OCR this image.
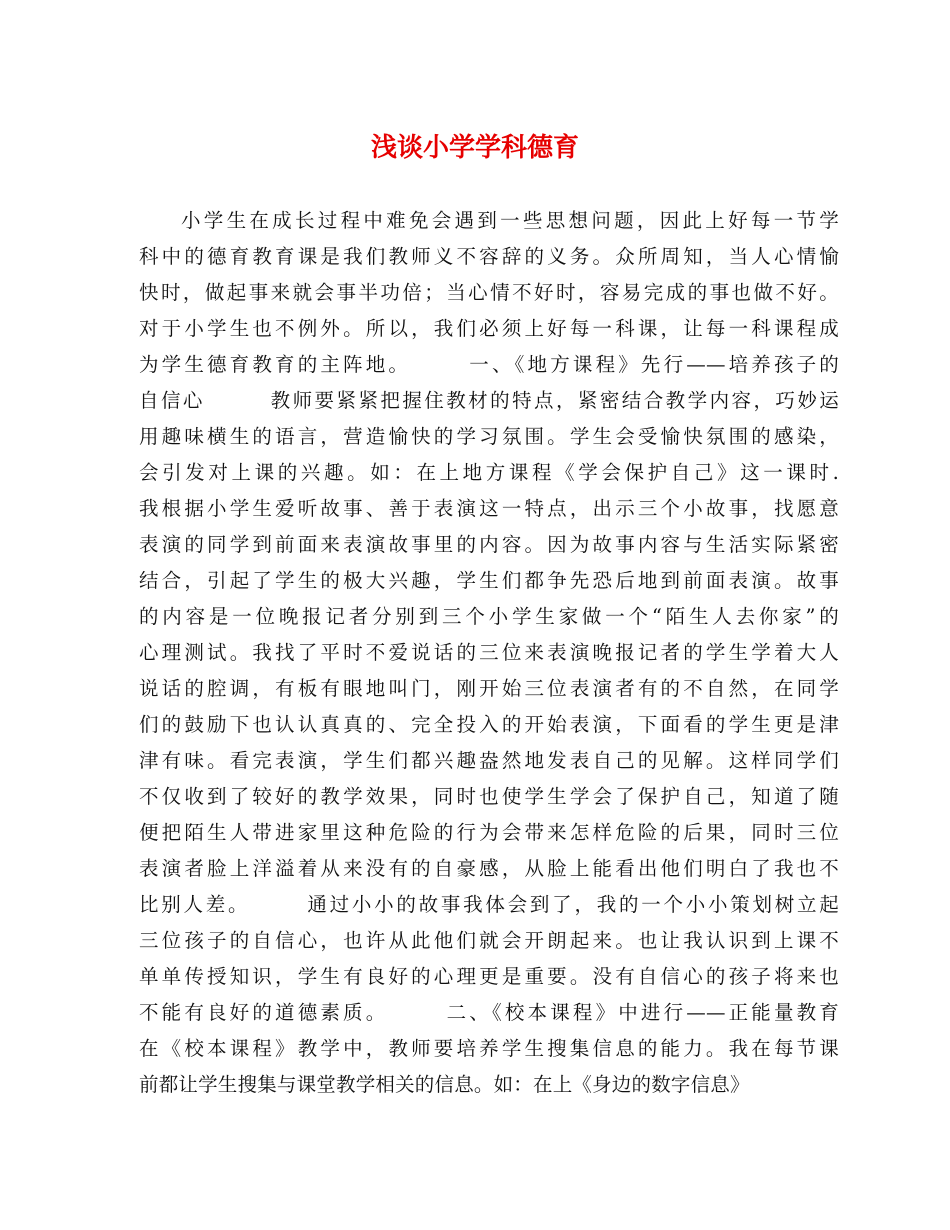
浅谈小学学科德育
小学生在成长过程中难免会遇到一些思想问题，因此上好每一节学
科中的德育教育课是我们教师义不容辞的义务。众所周知，当人心情愉
快时，做起事来就会事半功倍；当心情不好时，容易完成的事也做不好。
对于小学生也不例外。所以，我们必须上好每一科课，让每一科课程成
为学生德育教育的主阵地。　　　一、《地方课程》先行——培养孩子的
自信心　　　教师要紧紧把握住教材的特点，紧密结合教学内容，巧妙运
用趣味横生的语言，营造愉快的学习氛围。学生会受愉快氛围的感染，
会引发对上课的兴趣。如：在上地方课程《学会保护自己》这一课时.
我根据小学生爱听故事、善于表演这一特点，出示三个小故事，找愿意
表演的同学到前面来表演故事里的内容。因为故事内容与生活实际紧密
结合，引起了学生的极大兴趣，学生们都争先恐后地到前面表演。故事
的内容是一位晚报记者分别到三个小学生家做一个“陌生人去你家”的
心理测试。我找了平时不爱说话的三位来表演晚报记者的学生学着大人
说话的腔调，有板有眼地叫门，刚开始三位表演者有的不自然，在同学
们的鼓励下也认认真真的、完全投入的开始表演，下面看的学生更是津
津有味。看完表演，学生们都兴趣盎然地发表自己的见解。这样同学们
不仅收到了较好的教学效果，同时也使学生学会了保护自己，知道了随
便把陌生人带进家里这种危险的行为会带来怎样危险的后果，同时三位
表演者脸上洋溢着从来没有的自豪感，从脸上能看出他们明白了我也不
比别人差。　　　通过小小的故事我体会到了，我的一个小小策划树立起
三位孩子的自信心，也许从此他们就会开朗起来。也让我认识到上课不
单单传授知识，学生有良好的心理更是重要。没有自信心的孩子将来也
不能有良好的道德素质。　　　二、《校本课程》中进行——正能量教育
在《校本课程》教学中，教师要培养学生搜集信息的能力。我在每节课
前都让学生搜集与课堂教学相关的信息。如：在上《身边的数字信息》
